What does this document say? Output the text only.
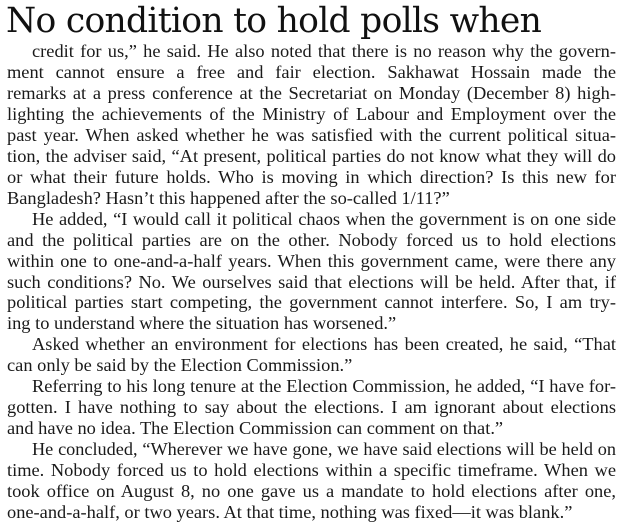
No condition to hold polls when
credit for us,” he said. He also noted that there is no reason why the govern-
ment cannot ensure a free and fair election. Sakhawat Hossain made the
remarks at a press conference at the Secretariat on Monday (December 8) high-
lighting the achievements of the Ministry of Labour and Employment over the
past year. When asked whether he was satisfied with the current political situa-
tion, the adviser said, “At present, political parties do not know what they will do
or what their future holds. Who is moving in which direction? Is this new for
Bangladesh? Hasn’t this happened after the so-called 1/11?”
He added, “I would call it political chaos when the government is on one side
and the political parties are on the other. Nobody forced us to hold elections
within one to one-and-a-half years. When this government came, were there any
such conditions? No. We ourselves said that elections will be held. After that, if
political parties start competing, the government cannot interfere. So, I am try-
ing to understand where the situation has worsened.”
Asked whether an environment for elections has been created, he said, “That
can only be said by the Election Commission.”
Referring to his long tenure at the Election Commission, he added, “I have for-
gotten. I have nothing to say about the elections. I am ignorant about elections
and have no idea. The Election Commission can comment on that.”
He concluded, “Wherever we have gone, we have said elections will be held on
time. Nobody forced us to hold elections within a specific timeframe. When we
took office on August 8, no one gave us a mandate to hold elections after one,
one-and-a-half, or two years. At that time, nothing was fixed—it was blank.”
